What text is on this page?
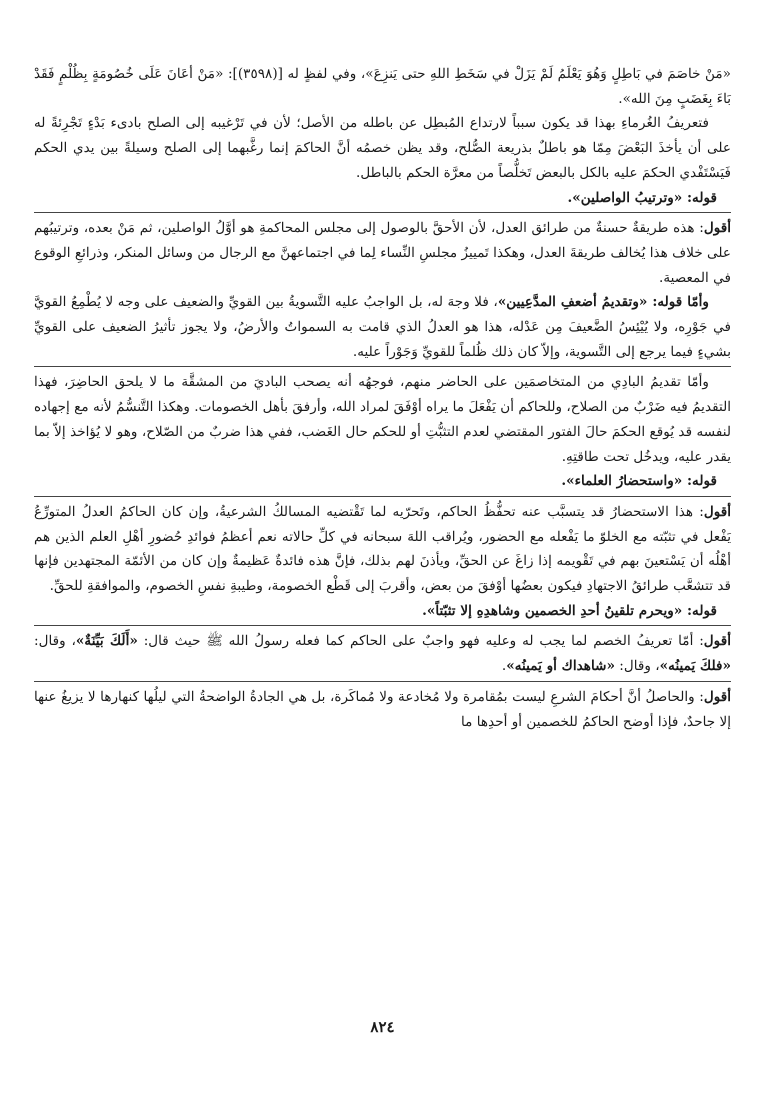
«مَنْ خاصَمَ في بَاطِلٍ وَهُوَ يَعْلَمُ لَمْ يَزَلْ في سَخَطِ اللهِ حتى يَنزِعَ»، وفي لفظٍ له [(٣٥٩٨)]: «مَنْ أعَانَ عَلَى خُصُومَةٍ بِظُلْمٍ فَقَدْ بَاءَ بِغَضَبٍ مِنَ الله».

فتعريفُ الغُرماءِ بهذا قد يكون سبباً لارتداع المُبطِل عن باطله من الأصل؛ لأن في تَرْغيبه إلى الصلح بادىء بَدْءٍ تَجْرِئةً له على أن يأخذَ البَعْضَ مِمّا هو باطلٌ بذريعة الصُّلح، وقد يظن خصمُه أنَّ الحاكمَ إنما رغَّبهما إلى الصلح وسيلةً بين يدي الحكم فَيَسْتَفْدي الحكمَ عليه بالكل بالبعض تَخلُّصاً من معرَّة الحكم بالباطل.

قوله: «وترتيبُ الواصلين».

أقول: هذه طريقةٌ حسنةٌ من طرائق العدل، لأن الأحقَّ بالوصول إلى مجلس المحاكمةِ هو أوَّلُ الواصلين، ثم مَنْ بعده، وترتيبُهم على خلاف هذا يُخالف طريقةَ العدل، وهكذا تَمييزُ مجلسِ النِّساء لِما في اجتماعهنَّ مع الرجال من وسائل المنكر، وذرائعِ الوقوع في المعصية.

وأمّا قوله: «وتقديمُ أضعفِ المدَّعِيين»، فلا وجهَ له، بل الواجبُ عليه التَّسويةُ بين القويِّ والضعيف على وجه لا يُطْمِعُ القويَّ في جَوْرِه، ولا يُيْئِسُ الضَّعيفَ مِن عَدْله، هذا هو العدلُ الذي قامت به السمواتُ والأرضُ، ولا يجوز تأثيرُ الضعيف على القويِّ بشيءٍ فيما يرجع إلى التَّسوية، وإلاّ كان ذلك ظُلماً للقويِّ وَجَوْراً عليه.

وأمّا تقديمُ البادِي من المتخاصمَين على الحاضر منهم، فوجهُه أنه يصحب الباديَ من المشقَّة ما لا يلحق الحاضِرَ، فهذا التقديمُ فيه ضَرْبٌ من الصلاح، وللحاكم أن يَفْعَلَ ما يراه أوْفَقَ لمراد الله، وأرفقَ بأهل الخصومات. وهكذا التَّنسُّمُ لأنه مع إجهاده لنفسه قد يُوقع الحكمَ حالَ الفتور المقتضي لعدم التثبُّتِ أو للحكم حال الغَضب، ففي هذا ضربٌ من الصّلاح، وهو لا يُؤاخذ إلاّ بما يقدر عليه، ويدخُل تحت طاقتِهِ.

قوله: «واستحضارُ العلماء».

أقول: هذا الاستحضارُ قد يتسبَّب عنه تحفُّظُ الحاكم، وتَحرّيه لما تَقْتضيه المسالكُ الشرعيةُ، وإن كان الحاكمُ العدلُ المتورِّعُ يَفْعل في تثبّته مع الخلوّ ما يَفْعله مع الحضور، ويُراقب اللهَ سبحانه في كلِّ حالاته نعم أعظمُ فوائدِ حُضورِ أهْلِ العلم الذين هم أهْلُه أن يَسْتعينَ بهم في تَقْويمه إذا زاغَ عن الحقِّ، ويأذنَ لهم بذلك، فإنَّ هذه فائدةٌ عَظيمةٌ وإن كان من الأئمّة المجتهدين فإنها قد تتشعَّب طرائقُ الاجتهادِ فيكون بعضُها أوْفقَ من بعض، وأقربَ إلى قَطْع الخصومة، وطيبةِ نفسِ الخصوم، والموافقةِ للحقِّ.

قوله: «ويحرم تلقينُ أحدِ الخصمين وشاهدِهِ إلا تثبّتاً».

أقول: أمّا تعريفُ الخصم لما يجب له وعليه فهو واجبٌ على الحاكم كما فعله رسولُ الله ﷺ حيث قال: «أَلَكَ بَيِّنَةٌ»، وقال: «فلكَ يَمينُه»، وقال: «شاهداك أو يَمينُه».

أقول: والحاصلُ أنَّ أحكامَ الشرعِ ليست بمُقامرة ولا مُخادعة ولا مُماكَرة، بل هي الجادةُ الواضحةُ التي ليلُها كنهارها لا يزيغُ عنها إلا جاحدٌ، فإذا أوضح الحاكمُ للخصمين أو أحدِها ما

٨٢٤
